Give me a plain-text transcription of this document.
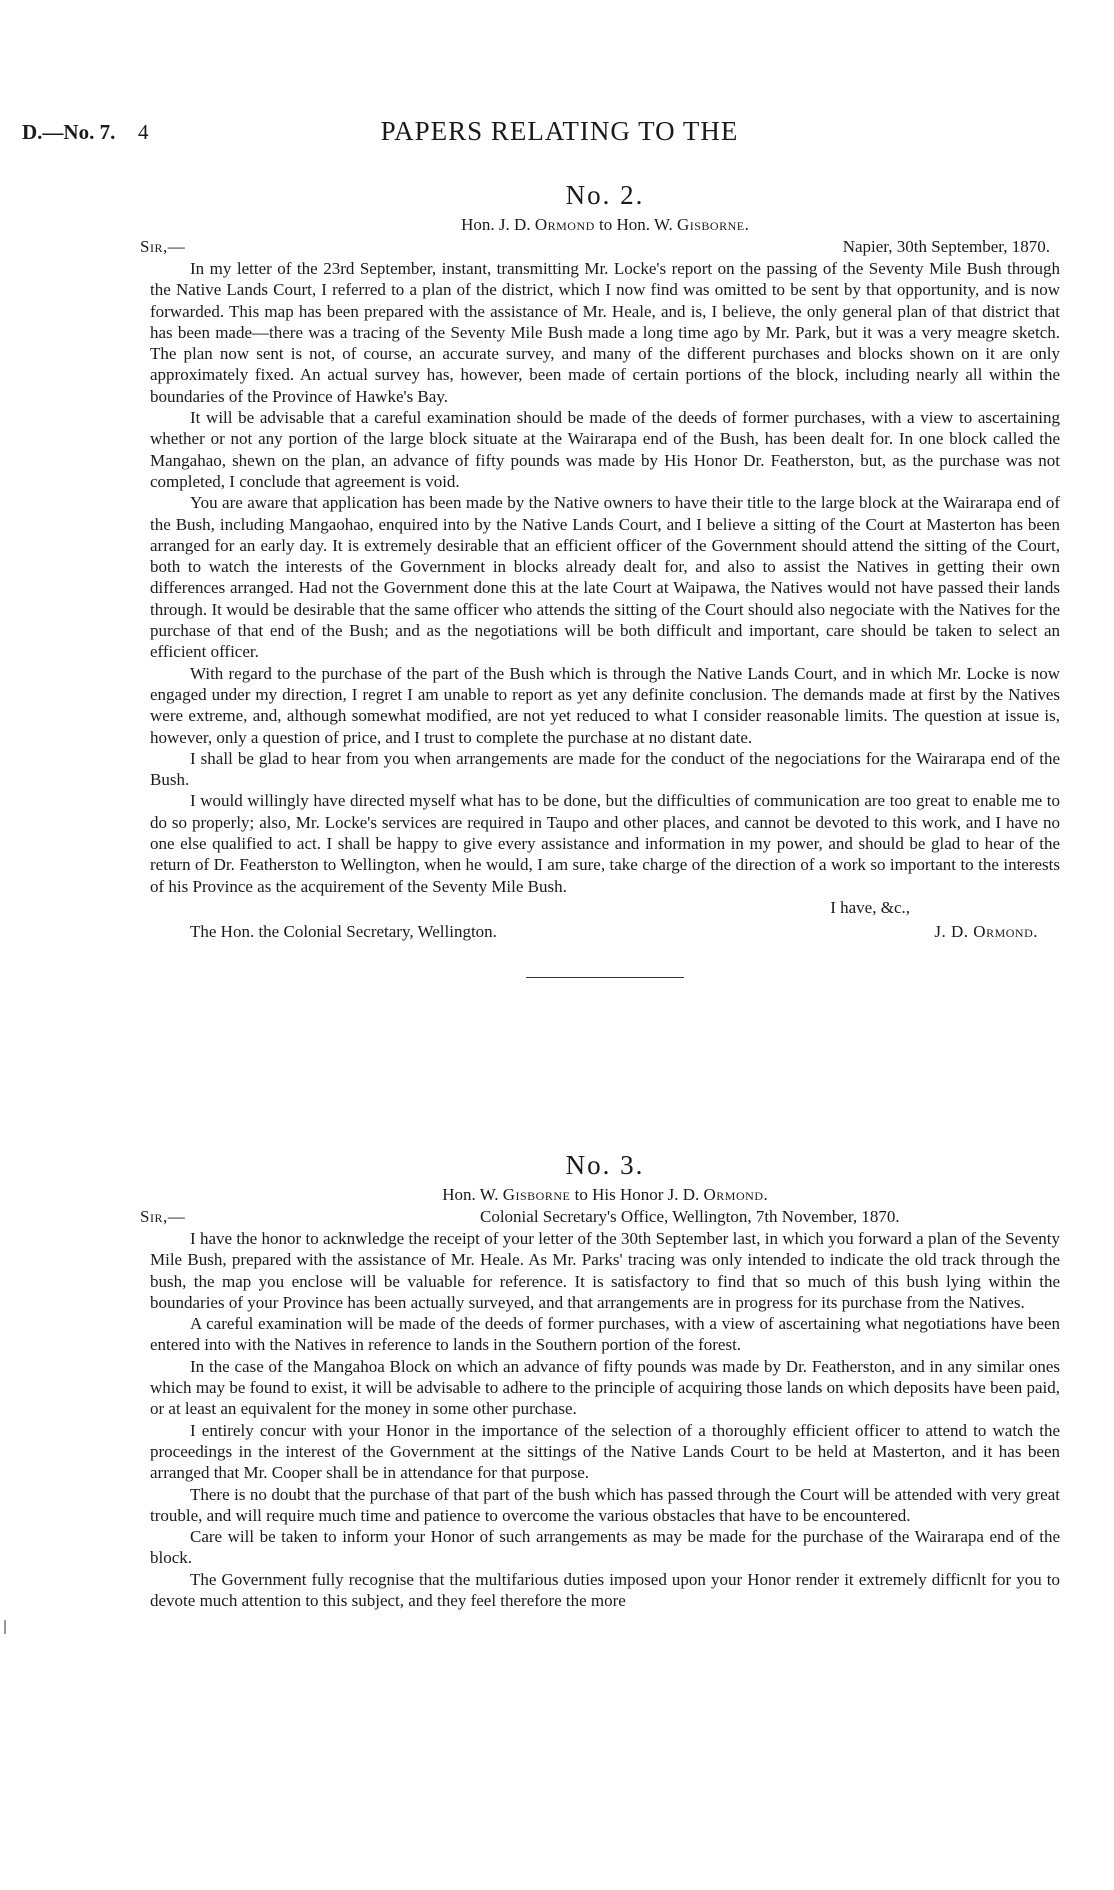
D.—No. 7. 4	PAPERS RELATING TO THE
No. 2.
Hon. J. D. Ormond to Hon. W. Gisborne.
Sir,—	Napier, 30th September, 1870.

In my letter of the 23rd September, instant, transmitting Mr. Locke's report on the passing of the Seventy Mile Bush through the Native Lands Court, I referred to a plan of the district, which I now find was omitted to be sent by that opportunity, and is now forwarded. This map has been prepared with the assistance of Mr. Heale, and is, I believe, the only general plan of that district that has been made—there was a tracing of the Seventy Mile Bush made a long time ago by Mr. Park, but it was a very meagre sketch. The plan now sent is not, of course, an accurate survey, and many of the different purchases and blocks shown on it are only approximately fixed. An actual survey has, however, been made of certain portions of the block, including nearly all within the boundaries of the Province of Hawke's Bay.

It will be advisable that a careful examination should be made of the deeds of former purchases, with a view to ascertaining whether or not any portion of the large block situate at the Wairarapa end of the Bush, has been dealt for. In one block called the Mangahao, shewn on the plan, an advance of fifty pounds was made by His Honor Dr. Featherston, but, as the purchase was not completed, I conclude that agreement is void.

You are aware that application has been made by the Native owners to have their title to the large block at the Wairarapa end of the Bush, including Mangaohao, enquired into by the Native Lands Court, and I believe a sitting of the Court at Masterton has been arranged for an early day. It is extremely desirable that an efficient officer of the Government should attend the sitting of the Court, both to watch the interests of the Government in blocks already dealt for, and also to assist the Natives in getting their own differences arranged. Had not the Government done this at the late Court at Waipawa, the Natives would not have passed their lands through. It would be desirable that the same officer who attends the sitting of the Court should also negociate with the Natives for the purchase of that end of the Bush; and as the negotiations will be both difficult and important, care should be taken to select an efficient officer.

With regard to the purchase of the part of the Bush which is through the Native Lands Court, and in which Mr. Locke is now engaged under my direction, I regret I am unable to report as yet any definite conclusion. The demands made at first by the Natives were extreme, and, although somewhat modified, are not yet reduced to what I consider reasonable limits. The question at issue is, however, only a question of price, and I trust to complete the purchase at no distant date.

I shall be glad to hear from you when arrangements are made for the conduct of the negociations for the Wairarapa end of the Bush.

I would willingly have directed myself what has to be done, but the difficulties of communication are too great to enable me to do so properly; also, Mr. Locke's services are required in Taupo and other places, and cannot be devoted to this work, and I have no one else qualified to act. I shall be happy to give every assistance and information in my power, and should be glad to hear of the return of Dr. Featherston to Wellington, when he would, I am sure, take charge of the direction of a work so important to the interests of his Province as the acquirement of the Seventy Mile Bush.

I have, &c.,
The Hon. the Colonial Secretary, Wellington.	J. D. Ormond.
No. 3.
Hon. W. Gisborne to His Honor J. D. Ormond.
Sir,—	Colonial Secretary's Office, Wellington, 7th November, 1870.

I have the honor to acknwledge the receipt of your letter of the 30th September last, in which you forward a plan of the Seventy Mile Bush, prepared with the assistance of Mr. Heale. As Mr. Parks' tracing was only intended to indicate the old track through the bush, the map you enclose will be valuable for reference. It is satisfactory to find that so much of this bush lying within the boundaries of your Province has been actually surveyed, and that arrangements are in progress for its purchase from the Natives.

A careful examination will be made of the deeds of former purchases, with a view of ascertaining what negotiations have been entered into with the Natives in reference to lands in the Southern portion of the forest.

In the case of the Mangahoa Block on which an advance of fifty pounds was made by Dr. Featherston, and in any similar ones which may be found to exist, it will be advisable to adhere to the principle of acquiring those lands on which deposits have been paid, or at least an equivalent for the money in some other purchase.

I entirely concur with your Honor in the importance of the selection of a thoroughly efficient officer to attend to watch the proceedings in the interest of the Government at the sittings of the Native Lands Court to be held at Masterton, and it has been arranged that Mr. Cooper shall be in attendance for that purpose.

There is no doubt that the purchase of that part of the bush which has passed through the Court will be attended with very great trouble, and will require much time and patience to overcome the various obstacles that have to be encountered.

Care will be taken to inform your Honor of such arrangements as may be made for the purchase of the Wairarapa end of the block.

The Government fully recognise that the multifarious duties imposed upon your Honor render it extremely difficnlt for you to devote much attention to this subject, and they feel therefore the more
